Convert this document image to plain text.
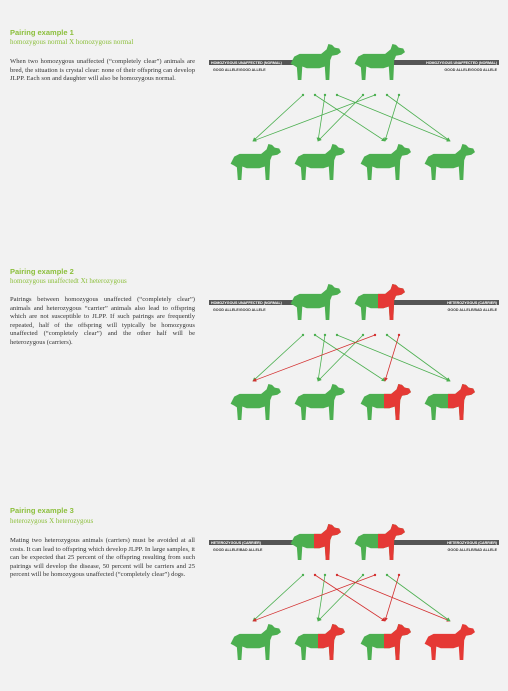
Pairing example 1
homozygous normal X homozygous normal
When two homozygous unaffected (“completely clear”) animals are bred, the situation is crystal clear: none of their offspring can develop JLPP. Each son and daughter will also be homozygous normal.
HOMOZYGOUS UNAFFECTED (NORMAL)	HOMOZYGOUS UNAFFECTED (NORMAL)
GOOD ALLELE/GOOD ALLELE	GOOD ALLELE/GOOD ALLELE
Pairing example 2
homozygous unaffectedt Xt heterozygous
Pairings between homozygous unaffected (“completely clear”) animals and heterozygous “carrier” animals also lead to offspring which are not susceptible to JLPP. If such pairings are frequently repeated, half of the offspring will typically be homozygous unaffected (“completely clear”) and the other half will be heterozygous (carriers).
HOMOZYGOUS UNAFFECTED (NORMAL)	HETEROZYGOUS (CARRIER)
GOOD ALLELE/GOOD ALLELE	GOOD ALLELE/BAD ALLELE
Pairing example 3
heterozygous X heterozygous
Mating two heterozygous animals (carriers) must be avoided at all costs. It can lead to offspring which develop JLPP. In large samples, it can be expected that 25 percent of the offspring resulting from such pairings will develop the disease, 50 percent will be carriers and 25 percent will be homozygous unaffected (“completely clear”) dogs.
HETEROZYGOUS (CARRIER)	HETEROZYGOUS (CARRIER)
GOOD ALLELE/BAD ALLELE	GOOD ALLELE/BAD ALLELE
